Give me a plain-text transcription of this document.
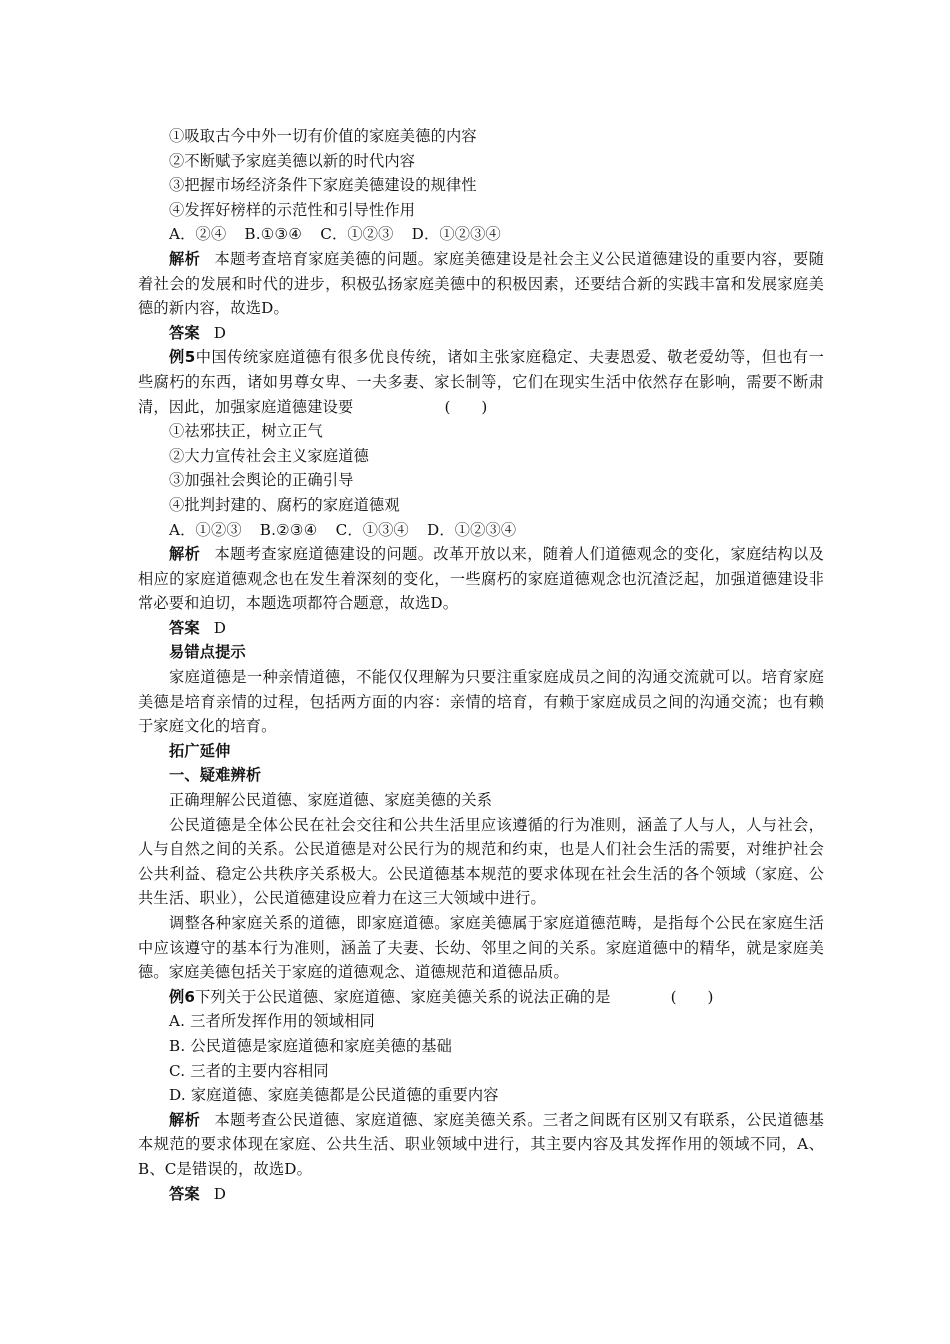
①吸取古今中外一切有价值的家庭美德的内容
②不断赋予家庭美德以新的时代内容
③把握市场经济条件下家庭美德建设的规律性
④发挥好榜样的示范性和引导性作用
A．②④ B.①③④ C．①②③ D．①②③④
解析 本题考查培育家庭美德的问题。家庭美德建设是社会主义公民道德建设的重要内容，要随着社会的发展和时代的进步，积极弘扬家庭美德中的积极因素，还要结合新的实践丰富和发展家庭美德的新内容，故选D。
答案 D
例5中国传统家庭道德有很多优良传统，诸如主张家庭稳定、夫妻恩爱、敬老爱幼等，但也有一些腐朽的东西，诸如男尊女卑、一夫多妻、家长制等，它们在现实生活中依然存在影响，需要不断肃清，因此，加强家庭道德建设要	(　　)
①祛邪扶正，树立正气
②大力宣传社会主义家庭道德
③加强社会舆论的正确引导
④批判封建的、腐朽的家庭道德观
A．①②③ B.②③④ C．①③④ D．①②③④
解析 本题考查家庭道德建设的问题。改革开放以来，随着人们道德观念的变化，家庭结构以及相应的家庭道德观念也在发生着深刻的变化，一些腐朽的家庭道德观念也沉渣泛起，加强道德建设非常必要和迫切，本题选项都符合题意，故选D。
答案 D
易错点提示
家庭道德是一种亲情道德，不能仅仅理解为只要注重家庭成员之间的沟通交流就可以。培育家庭美德是培育亲情的过程，包括两方面的内容：亲情的培育，有赖于家庭成员之间的沟通交流；也有赖于家庭文化的培育。
拓广延伸
一、疑难辨析
正确理解公民道德、家庭道德、家庭美德的关系
公民道德是全体公民在社会交往和公共生活里应该遵循的行为准则，涵盖了人与人，人与社会，人与自然之间的关系。公民道德是对公民行为的规范和约束，也是人们社会生活的需要，对维护社会公共利益、稳定公共秩序关系极大。公民道德基本规范的要求体现在社会生活的各个领域（家庭、公共生活、职业），公民道德建设应着力在这三大领域中进行。
调整各种家庭关系的道德，即家庭道德。家庭美德属于家庭道德范畴，是指每个公民在家庭生活中应该遵守的基本行为准则，涵盖了夫妻、长幼、邻里之间的关系。家庭道德中的精华，就是家庭美德。家庭美德包括关于家庭的道德观念、道德规范和道德品质。
例6下列关于公民道德、家庭道德、家庭美德关系的说法正确的是	(　　)
A. 三者所发挥作用的领域相同
B. 公民道德是家庭道德和家庭美德的基础
C. 三者的主要内容相同
D. 家庭道德、家庭美德都是公民道德的重要内容
解析 本题考查公民道德、家庭道德、家庭美德关系。三者之间既有区别又有联系，公民道德基本规范的要求体现在家庭、公共生活、职业领域中进行，其主要内容及其发挥作用的领域不同，A、B、C是错误的，故选D。
答案 D
